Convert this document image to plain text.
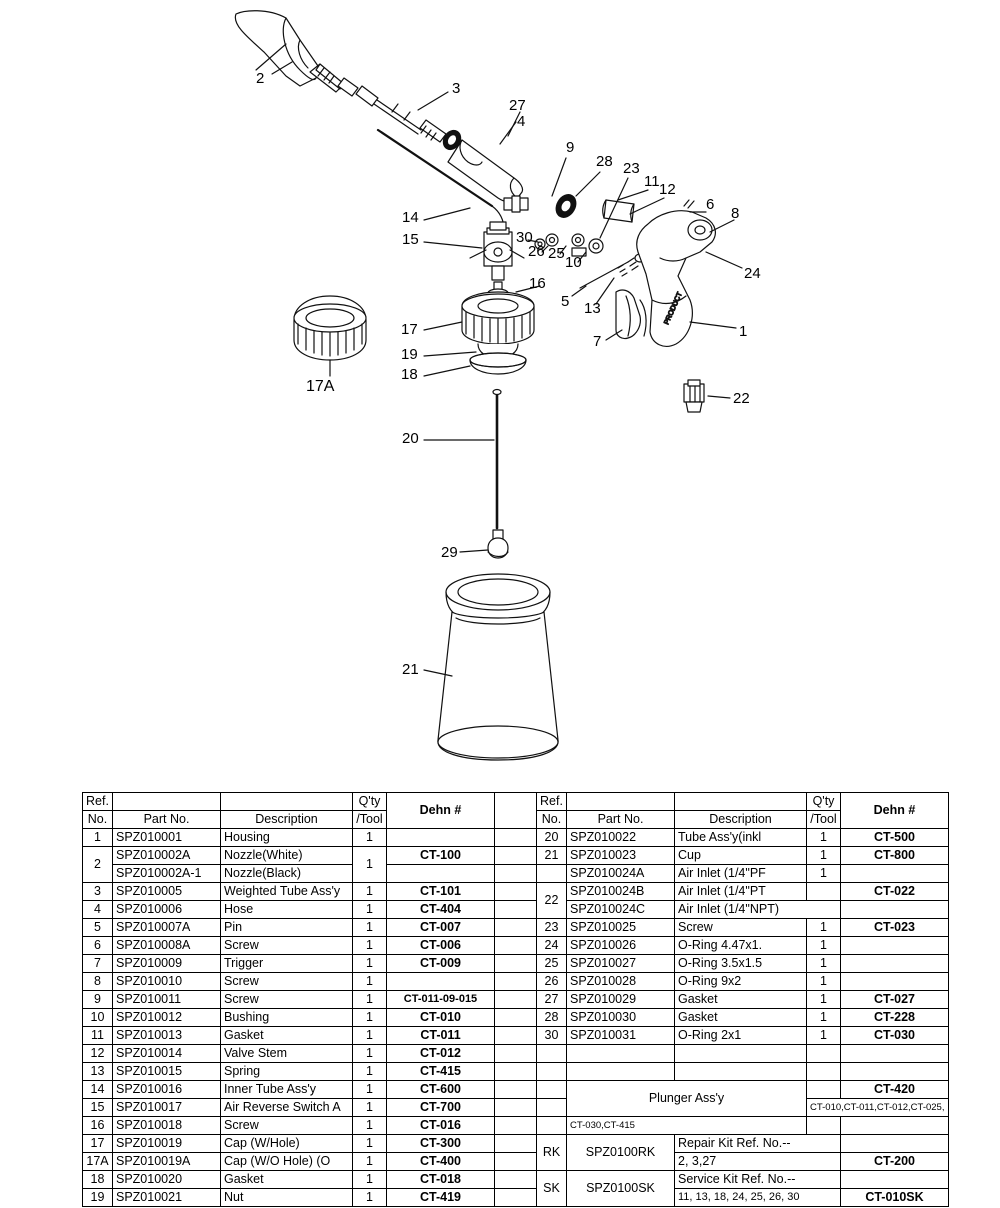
PRODUCT
2
3
27
4
9
28 23
11 12
6
8
14
15	30
26 25
10
24
5 13
16
1
7
17
19
18
17A
22
20
29
21
Ref.			Q'ty	Dehn #		Ref.			Q'ty	Dehn #
No.	Part No.	Description	/Tool			No.	Part No.	Description	/Tool	
1	SPZ010001	Housing	1			20	SPZ010022	Tube Ass'y(inkl	1	CT-500
2	SPZ010002A	Nozzle(White)	1	CT-100		21	SPZ010023	Cup	1	CT-800
	SPZ010002A-1	Nozzle(Black)					SPZ010024A	Air Inlet (1/4"PF	1	
3	SPZ010005	Weighted Tube Ass'y	1	CT-101		22	SPZ010024B	Air Inlet (1/4"PT		CT-022
4	SPZ010006	Hose	1	CT-404			SPZ010024C	Air Inlet (1/4"NPT)		
5	SPZ010007A	Pin	1	CT-007		23	SPZ010025	Screw	1	CT-023
6	SPZ010008A	Screw	1	CT-006		24	SPZ010026	O-Ring 4.47x1.	1	
7	SPZ010009	Trigger	1	CT-009		25	SPZ010027	O-Ring 3.5x1.5	1	
8	SPZ010010	Screw	1			26	SPZ010028	O-Ring 9x2	1	
9	SPZ010011	Screw	1	CT-011-09-015		27	SPZ010029	Gasket	1	CT-027
10	SPZ010012	Bushing	1	CT-010		28	SPZ010030	Gasket	1	CT-228
11	SPZ010013	Gasket	1	CT-011		30	SPZ010031	O-Ring 2x1	1	CT-030
12	SPZ010014	Valve Stem	1	CT-012						
13	SPZ010015	Spring	1	CT-415						
14	SPZ010016	Inner Tube Ass'y	1	CT-600			Plunger Ass'y			CT-420
15	SPZ010017	Air Reverse Switch A	1	CT-700					CT-010,CT-011,CT-012,CT-025,	
16	SPZ010018	Screw	1	CT-016			CT-030,CT-415			
17	SPZ010019	Cap (W/Hole)	1	CT-300		RK	SPZ0100RK	Repair Kit Ref. No.--		
17A	SPZ010019A	Cap (W/O Hole) (O	1	CT-400				2, 3,27		CT-200
18	SPZ010020	Gasket	1	CT-018		SK	SPZ0100SK	Service Kit Ref. No.--		
19	SPZ010021	Nut	1	CT-419				11, 13, 18, 24, 25, 26, 30		CT-010SK
